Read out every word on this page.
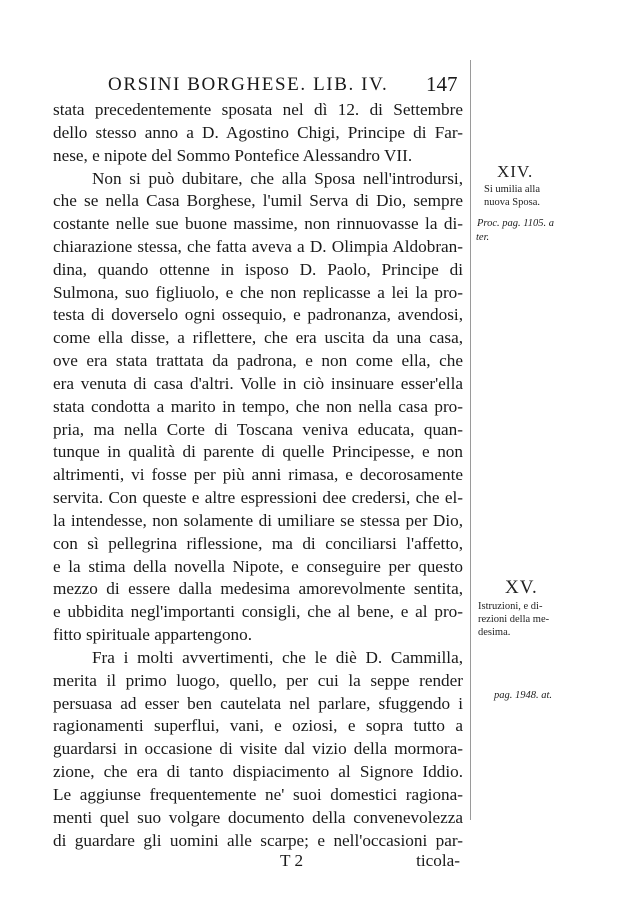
ORSINI BORGHESE. LIB. IV. 147
stata precedentemente sposata nel dì 12. di Settembre
dello stesso anno a D. Agostino Chigi, Principe di Far-
nese, e nipote del Sommo Pontefice Alessandro VII.
Non si può dubitare, che alla Sposa nell'introdursi,
che se nella Casa Borghese, l'umil Serva di Dio, sempre
costante nelle sue buone massime, non rinnuovasse la di-
chiarazione stessa, che fatta aveva a D. Olimpia Aldobran-
dina, quando ottenne in isposo D. Paolo, Principe di
Sulmona, suo figliuolo, e che non replicasse a lei la pro-
testa di doverselo ogni ossequio, e padronanza, avendosi,
come ella disse, a riflettere, che era uscita da una casa,
ove era stata trattata da padrona, e non come ella, che
era venuta di casa d'altri. Volle in ciò insinuare esser'ella
stata condotta a marito in tempo, che non nella casa pro-
pria, ma nella Corte di Toscana veniva educata, quan-
tunque in qualità di parente di quelle Principesse, e non
altrimenti, vi fosse per più anni rimasa, e decorosamente
servita. Con queste e altre espressioni dee credersi, che el-
la intendesse, non solamente di umiliare se stessa per Dio,
con sì pellegrina riflessione, ma di conciliarsi l'affetto,
e la stima della novella Nipote, e conseguire per questo
mezzo di essere dalla medesima amorevolmente sentita,
e ubbidita negl'importanti consigli, che al bene, e al pro-
fitto spirituale appartengono.
Fra i molti avvertimenti, che le diè D. Cammilla,
merita il primo luogo, quello, per cui la seppe render
persuasa ad esser ben cautelata nel parlare, sfuggendo i
ragionamenti superflui, vani, e oziosi, e sopra tutto a
guardarsi in occasione di visite dal vizio della mormora-
zione, che era di tanto dispiacimento al Signore Iddio.
Le aggiunse frequentemente ne' suoi domestici ragiona-
menti quel suo volgare documento della convenevolezza
di guardare gli uomini alle scarpe; e nell'occasioni par-
T 2	ticola-
XIV.
Si umilia alla
nuova Sposa.
Proc. pag. 1105. a
ter.
XV.
Istruzioni, e di-
rezioni della me-
desima.
pag. 1948. at.
